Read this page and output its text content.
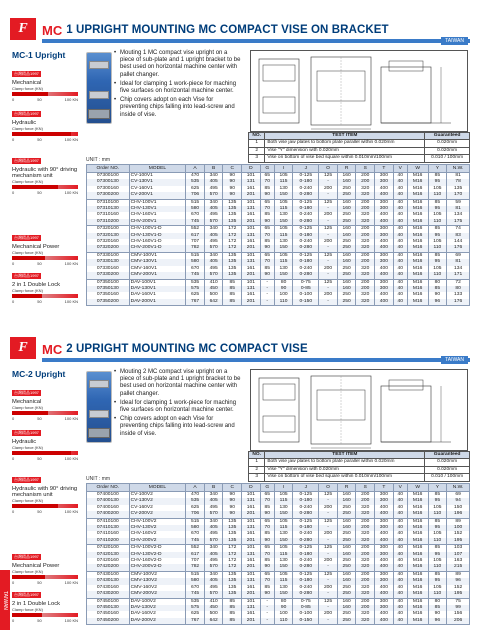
TAIWAN
F	MC 1 UPRIGHT MOUNTING MC COMPACT VISE ON BRACKET
TAIWAN
MC-1 Upright
台灣精品1997
Mechanical
Clamp force (KN)
0	50	100 KN
台灣精品1997
Hydraulic
Clamp force (KN)
0	50	100 KN
台灣精品1997
Hydraulic with 90° driving mechanism unit
Clamp force (KN)
0	50	100 KN
台灣精品1997
Mechanical Power
Clamp force (KN)
0	50	100 KN
台灣精品1997
2 in 1 Double Lock
Clamp force (KN)
0	50	100 KN
• Mouting 1 MC compact vise upright on a piece of sub-plate and 1 upright bracket to be best used on horizontal machine center with pallet changer.
• Ideal for clamping 1 work-piece for maching five surfaces on horizontal machine center.
• Chip covers adopt on each Vise for preventing chips falling into lead-screw and inside of vise.
NO.	TEST ITEM	Guaranteed
1	Both vise jaw plates to bottom plate parallel within 0.020mm	0.020mm
2	Vise "Y" dimension with 0.020mm	0.020mm
3	Vise on bottom of vise bed square within 0.010mm/100mm	0.010 / 100mm
UNIT : mm
Order NO.	MODEL	A	B	C	D	G	I	J	O	R	S	T	V	W	Y	N.W.
07300100	CV-100V1	470	340	90	101	65	105	0-125	125	160	200	300	40	M16	85	81
07300130	CV-130V1	535	405	90	131	70	115	0-180	-	160	200	300	40	M16	95	78
07300160	CV-160V1	625	495	90	161	85	130	0-240	200	250	320	400	40	M16	105	135
07300200	CV-200V1	706	570	90	201	90	150	0-280	-	250	320	400	40	M16	110	170
07310100	CHV-100V1	515	340	135	101	65	105	0-125	125	160	200	300	40	M16	85	59
07310130	CHV-130V1	580	405	135	131	70	115	0-180	-	160	200	300	40	M16	95	81
07310160	CHV-160V1	670	495	135	161	85	130	0-240	200	250	320	400	40	M16	105	134
07310200	CHV-200V1	745	570	135	201	90	150	0-280	-	250	320	400	40	M16	110	175
07320100	CHV-100V1-D	552	340	172	101	65	105	0-125	125	160	200	300	40	M16	85	74
07320130	CHV-130V1-D	617	405	172	131	70	115	0-180	-	160	200	300	40	M16	95	83
07320160	CHV-160V1-D	707	495	172	161	85	130	0-240	200	250	320	400	40	M16	105	144
07320200	CHV-200V1-D	782	570	172	201	90	150	0-280	-	250	320	400	40	M16	110	176
07330100	CMV-100V1	515	340	135	101	65	105	0-125	125	160	200	300	40	M16	85	69
07330130	CMV-130V1	580	405	135	131	70	115	0-180	-	160	200	300	40	M16	95	81
07330160	CMV-160V1	670	495	135	161	85	130	0-240	200	250	320	400	40	M16	105	134
07330200	CMV-200V1	745	570	135	201	90	150	0-280	-	250	320	400	40	M16	110	171
07350100	DAV-100V1	535	410	85	101	-	80	0-75	125	160	200	300	40	M16	80	72
07350130	DAV-130V1	575	450	85	131	-	90	0-85	-	160	200	300	40	M16	85	80
07350160	DAV-160V1	625	500	85	161	-	100	0-100	200	250	320	400	40	M16	90	133
07350200	DAV-200V1	767	642	85	201	-	110	0-150	-	250	320	400	40	M16	96	176
F	MC 2 UPRIGHT MOUNTING MC COMPACT VISE
TAIWAN
MC-2 Upright
台灣精品1997
Mechanical
Clamp force (KN)
0	50	100 KN
台灣精品1997
Hydraulic
Clamp force (KN)
0	50	100 KN
台灣精品1997
Hydraulic with 90° driving mechanism unit
Clamp force (KN)
0	50	100 KN
台灣精品1997
Mechanical Power
Clamp force (KN)
0	50	100 KN
台灣精品1997
2 in 1 Double Lock
Clamp force (KN)
0	50	100 KN
• Mouting 2 MC compact vise upright on a piece of sub-plate and 1 upright bracket to be best used on horizontal machine center with pallet changer.
• Ideal for clamping 1 work-piece for maching five surfaces on horizontal machine center.
• Chip covers adopt on each Vise for preventing chips falling into lead-screw and inside of vise.
NO.	TEST ITEM	Guaranteed
1	Both vise jaw plates to bottom plate parallel within 0.020mm	0.020mm
2	Vise "Y" dimension with 0.020mm	0.020mm
3	Vise on bottom of vise bed square within 0.010mm/100mm	0.010 / 100mm
UNIT : mm
Order NO.	MODEL	A	B	C	D	G	I	J	O	R	S	T	V	W	Y	N.W.
07400100	CV-100V2	470	340	90	101	65	105	0-125	125	160	200	300	40	M16	85	69
07400130	CV-130V2	535	405	90	131	70	115	0-180	-	160	200	300	40	M16	95	94
07400160	CV-160V2	625	495	90	161	85	130	0-240	200	250	320	400	40	M16	105	150
07400200	CV-200V2	706	570	90	201	90	150	0-280	-	250	320	400	40	M16	110	196
07410100	CHV-100V2	515	340	135	101	65	105	0-125	125	160	200	300	40	M16	85	89
07410130	CHV-130V2	580	405	135	131	70	115	0-180	-	160	200	300	40	M16	95	100
07410160	CHV-160V2	670	495	135	161	85	130	0-240	200	250	320	400	40	M16	105	152
07410200	CHV-200V2	745	570	135	201	90	150	0-280	-	250	320	400	40	M16	110	195
07420100	CHV-100V2-D	552	340	172	101	65	105	0-125	125	160	200	300	40	M16	85	103
07420130	CHV-130V2-D	617	405	172	131	70	115	0-180	-	160	200	300	40	M16	95	107
07420160	CHV-160V2-D	707	495	172	161	85	130	0-240	200	250	320	400	40	M16	105	163
07420200	CHV-200V2-D	782	570	172	201	90	150	0-280	-	250	320	400	40	M16	110	215
07430100	CMV-100V2	515	340	135	101	65	105	0-125	125	160	200	300	40	M16	85	89
07430130	CMV-130V2	580	405	135	131	70	115	0-180	-	160	200	300	40	M16	95	96
07430160	CMV-160V2	670	495	135	161	85	130	0-240	200	250	320	400	40	M16	105	152
07430200	CMV-200V2	745	570	135	201	90	150	0-280	-	250	320	400	40	M16	110	195
07450100	DAV-100V2	535	410	85	101	-	80	0-75	125	160	200	300	40	M16	80	75
07450130	DAV-130V2	575	450	85	131	-	90	0-85	-	160	200	300	40	M16	85	99
07450160	DAV-160V2	625	500	85	161	-	100	0-100	200	250	320	400	40	M16	90	156
07450200	DAV-200V2	767	642	85	201	-	110	0-150	-	250	320	400	40	M16	96	206
